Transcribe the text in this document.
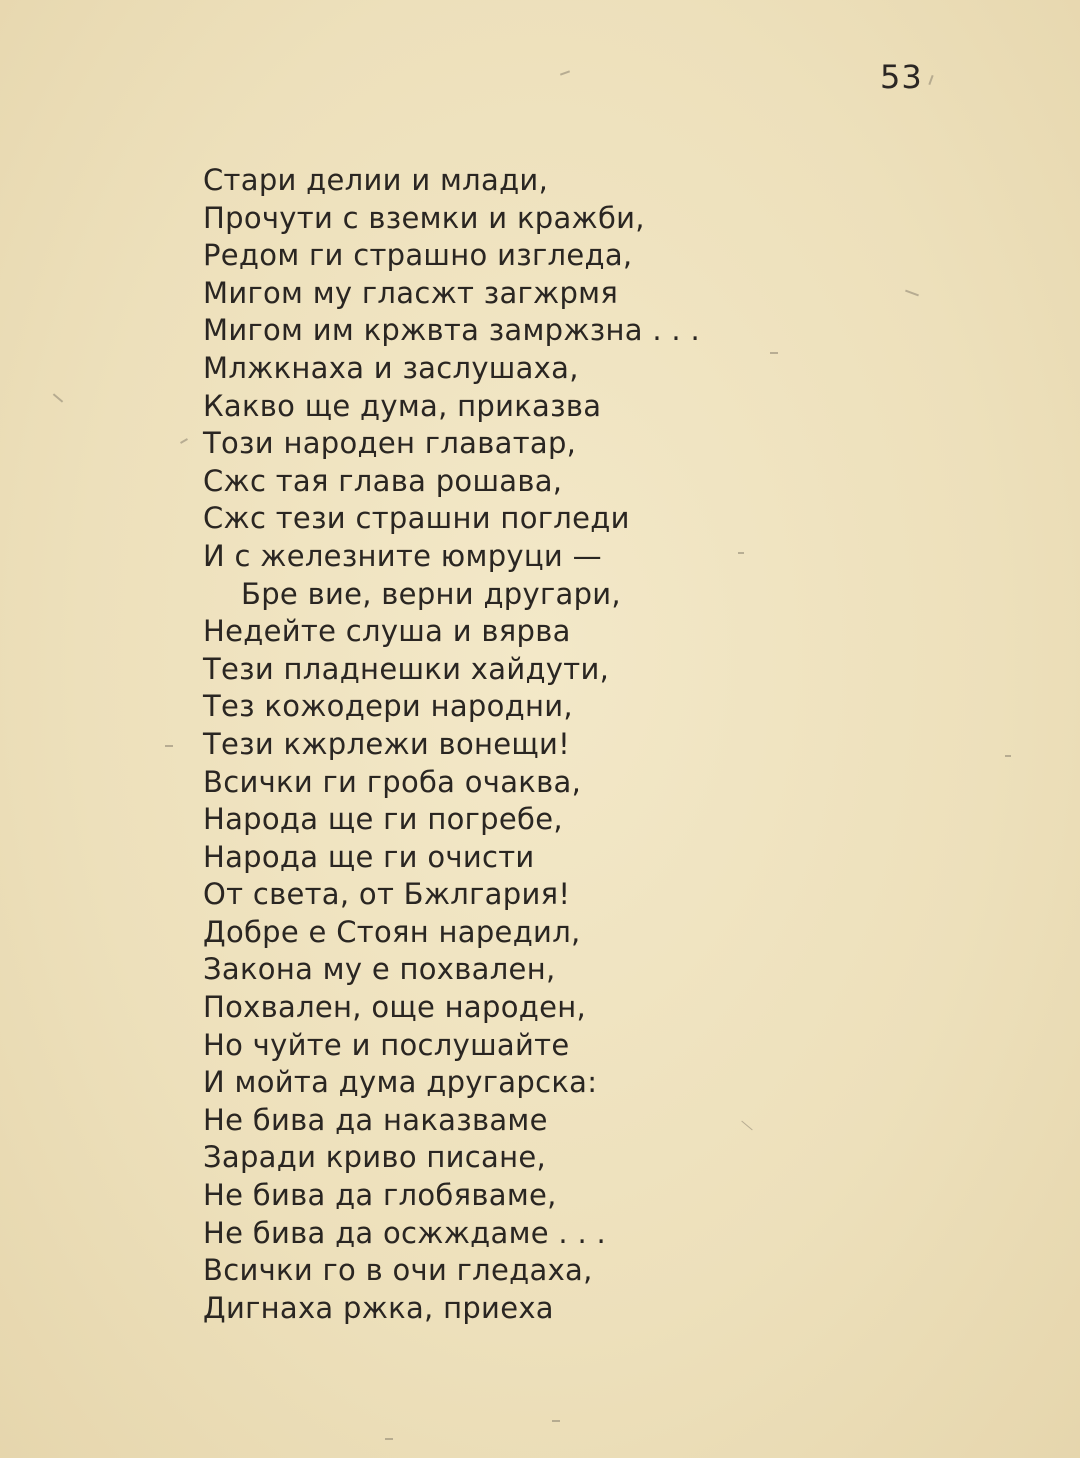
53
Стари делии и млади,
Прочути с вземки и кражби,
Редом ги страшно изгледа,
Мигом му гласжт загжрмя
Мигом им кржвта замржзна . . .
Млжкнаха и заслушаха,
Какво ще дума, приказва
Този народен главатар,
Сжс тая глава рошава,
Сжс тези страшни погледи
И с железните юмруци —
Бре вие, верни другари,
Недейте слуша и вярва
Тези пладнешки хайдути,
Тез кожодери народни,
Тези кжрлежи вонещи!
Всички ги гроба очаква,
Народа ще ги погребе,
Народа ще ги очисти
От света, от Бжлгария!
Добре е Стоян наредил,
Закона му е похвален,
Похвален, още народен,
Но чуйте и послушайте
И мойта дума другарска:
Не бива да наказваме
Заради криво писане,
Не бива да глобяваме,
Не бива да осжждаме . . .
Всички го в очи гледаха,
Дигнаха ржка, приеха
